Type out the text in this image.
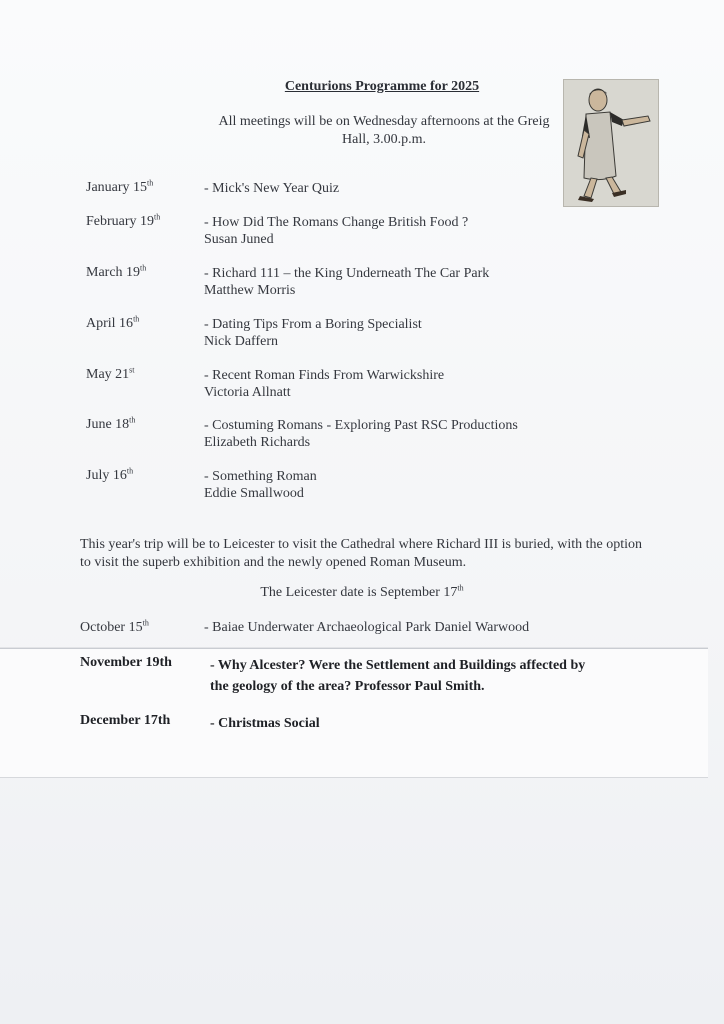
Centurions Programme for 2025
All meetings will be on Wednesday afternoons at the Greig Hall, 3.00.p.m.
January 15th	- Mick's New Year Quiz
February 19th	- How Did The Romans Change British Food ?
Susan Juned
March 19th	- Richard 111 – the King Underneath The Car Park
Matthew Morris
April 16th	- Dating Tips From a Boring Specialist
Nick Daffern
May 21st	- Recent Roman Finds From Warwickshire
Victoria Allnatt
June 18th	- Costuming Romans - Exploring Past RSC Productions
Elizabeth Richards
July 16th	- Something Roman
Eddie Smallwood
This year's trip will be to Leicester to visit the Cathedral where Richard III is buried, with the option to visit the superb exhibition and the newly opened Roman Museum.
The Leicester date is September 17th
October 15th	- Baiae Underwater Archaeological Park Daniel Warwood
November 19th	- Why Alcester? Were the Settlement and Buildings affected by
the geology of the area? Professor Paul Smith.
December 17th	- Christmas Social
